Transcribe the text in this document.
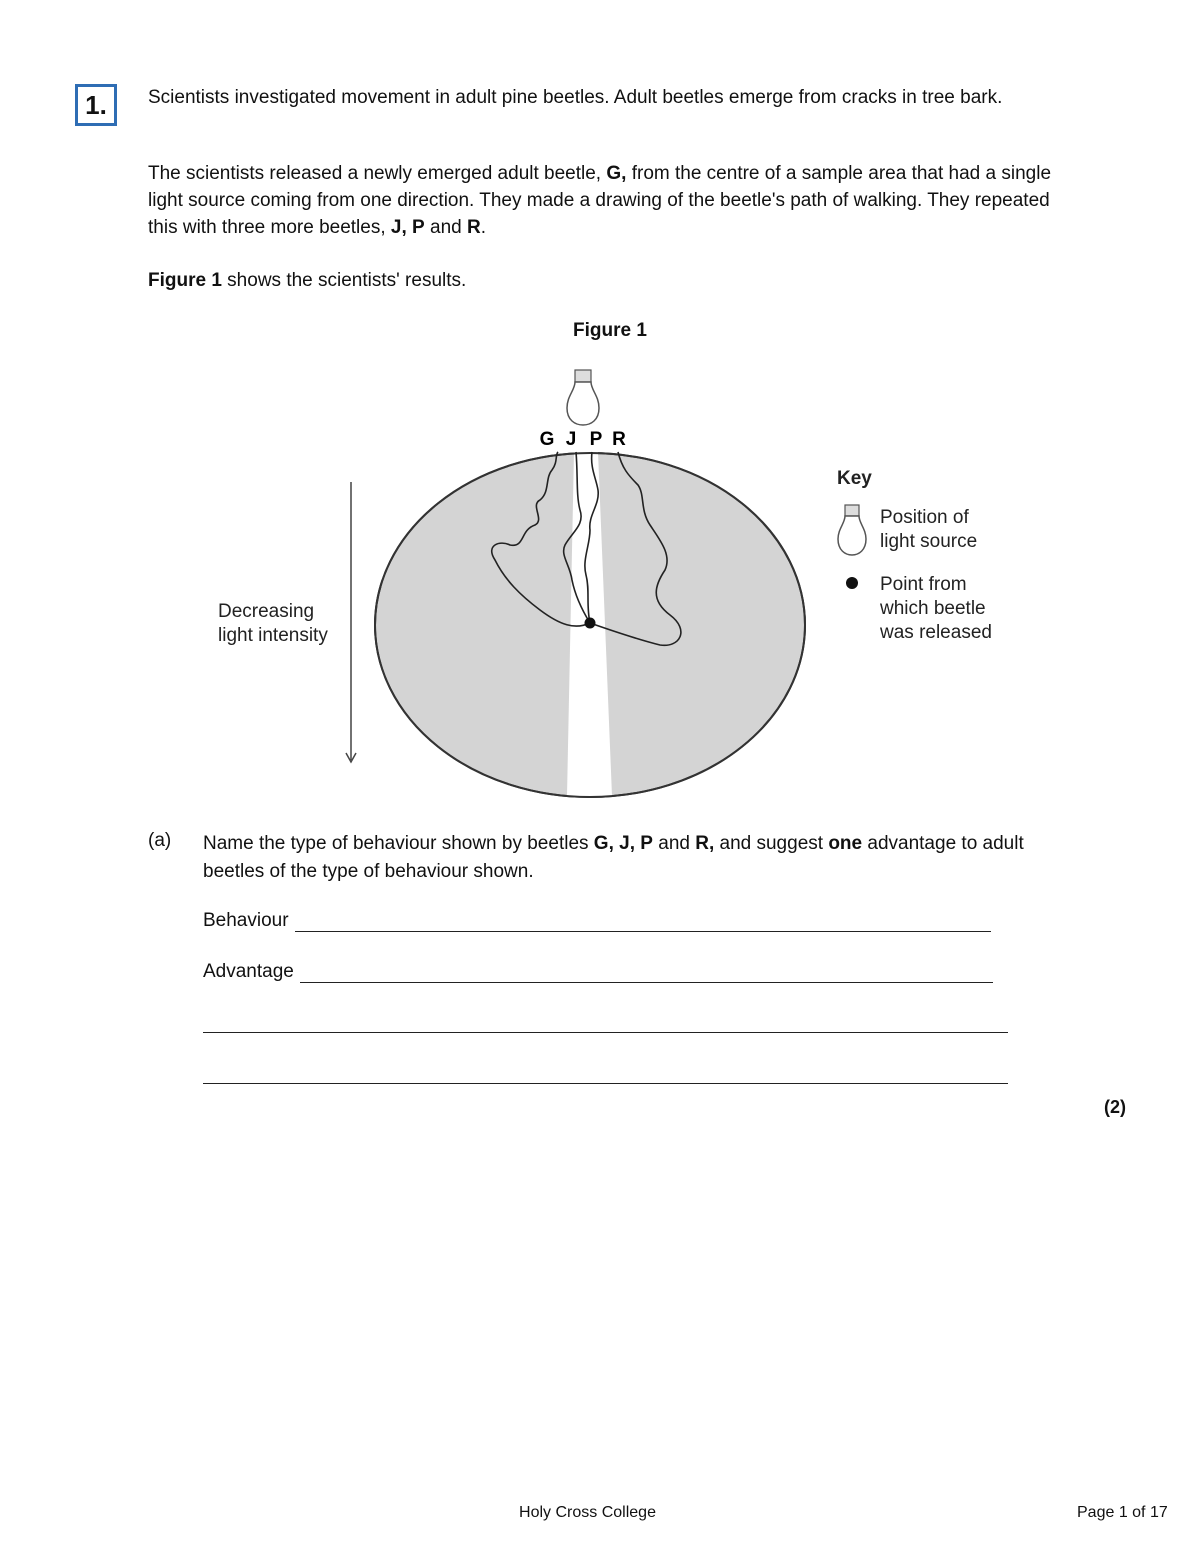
1.	Scientists investigated movement in adult pine beetles. Adult beetles emerge from cracks in tree bark.

The scientists released a newly emerged adult beetle, G, from the centre of a sample area that had a single light source coming from one direction. They made a drawing of the beetle's path of walking. They repeated this with three more beetles, J, P and R.

Figure 1 shows the scientists' results.

Figure 1
G J P R
Decreasing
light intensity
Key
Position of
light source
Point from
which beetle
was released
(a) Name the type of behaviour shown by beetles G, J, P and R, and suggest one advantage to adult beetles of the type of behaviour shown.
Behaviour
Advantage
(2)
Holy Cross College	Page 1 of 17
